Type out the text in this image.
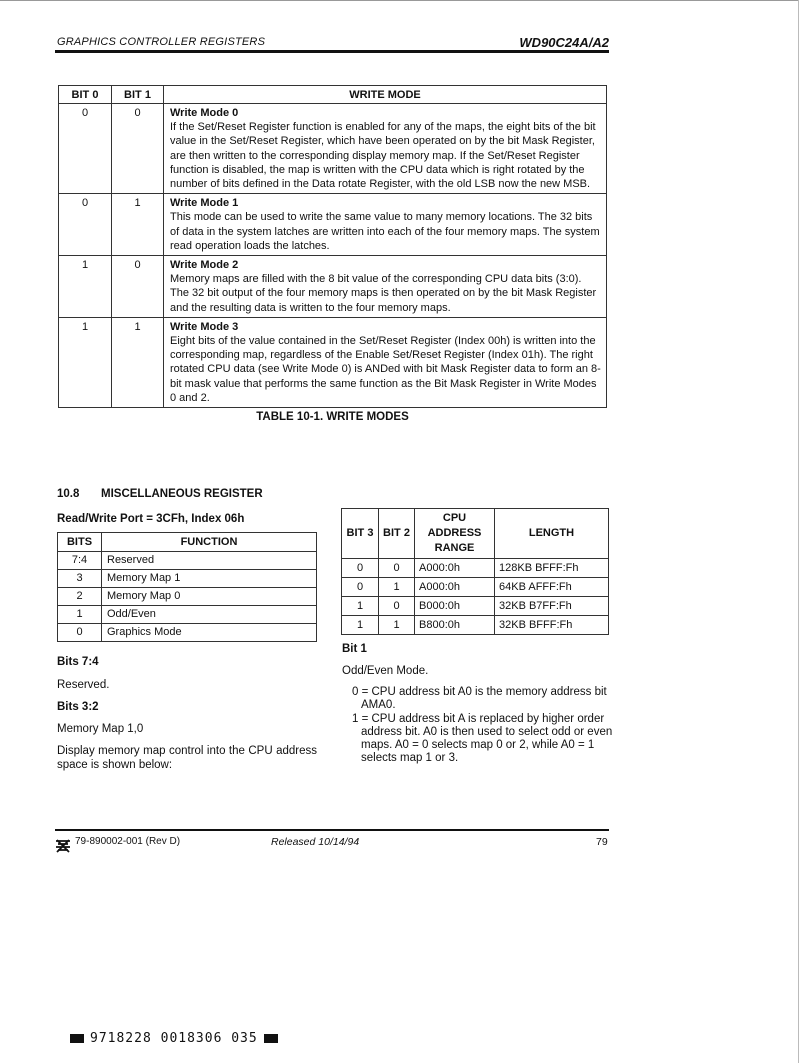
GRAPHICS CONTROLLER REGISTERS	WD90C24A/A2
BIT 0	BIT 1	WRITE MODE
0	0	Write Mode 0
If the Set/Reset Register function is enabled for any of the maps, the eight bits of the bit value in the Set/Reset Register, which have been operated on by the bit Mask Register, are then written to the corresponding display memory map. If the Set/Reset Register function is disabled, the map is written with the CPU data which is right rotated by the number of bits defined in the Data rotate Register, with the old LSB now the new MSB.

0	1	Write Mode 1
This mode can be used to write the same value to many memory locations. The 32 bits of data in the system latches are written into each of the four memory maps. The system read operation loads the latches.

1	0	Write Mode 2
Memory maps are filled with the 8 bit value of the corresponding CPU data bits (3:0). The 32 bit output of the four memory maps is then operated on by the bit Mask Register and the resulting data is written to the four memory maps.

1	1	Write Mode 3
Eight bits of the value contained in the Set/Reset Register (Index 00h) is written into the corresponding map, regardless of the Enable Set/Reset Register (Index 01h). The right rotated CPU data (see Write Mode 0) is ANDed with bit Mask Register data to form an 8-bit mask value that performs the same function as the Bit Mask Register in Write Modes 0 and 2.
TABLE 10-1. WRITE MODES
10.8 MISCELLANEOUS REGISTER
Read/Write Port = 3CFh, Index 06h
BITS	FUNCTION
7:4	Reserved
3	Memory Map 1
2	Memory Map 0
1	Odd/Even
0	Graphics Mode
Bits 7:4
Reserved.
Bits 3:2
Memory Map 1,0
Display memory map control into the CPU address space is shown below:
BIT 3	BIT 2	CPU ADDRESS RANGE	LENGTH
0	0	A000:0h	128KB BFFF:Fh
0	1	A000:0h	64KB AFFF:Fh
1	0	B000:0h	32KB B7FF:Fh
1	1	B800:0h	32KB BFFF:Fh
Bit 1
Odd/Even Mode.
0 = CPU address bit A0 is the memory address bit AMA0.
1 = CPU address bit A is replaced by higher order address bit. A0 is then used to select odd or even maps. A0 = 0 selects map 0 or 2, while A0 = 1 selects map 1 or 3.
79-890002-001 (Rev D)	Released 10/14/94	79
9718228 0018306 035
